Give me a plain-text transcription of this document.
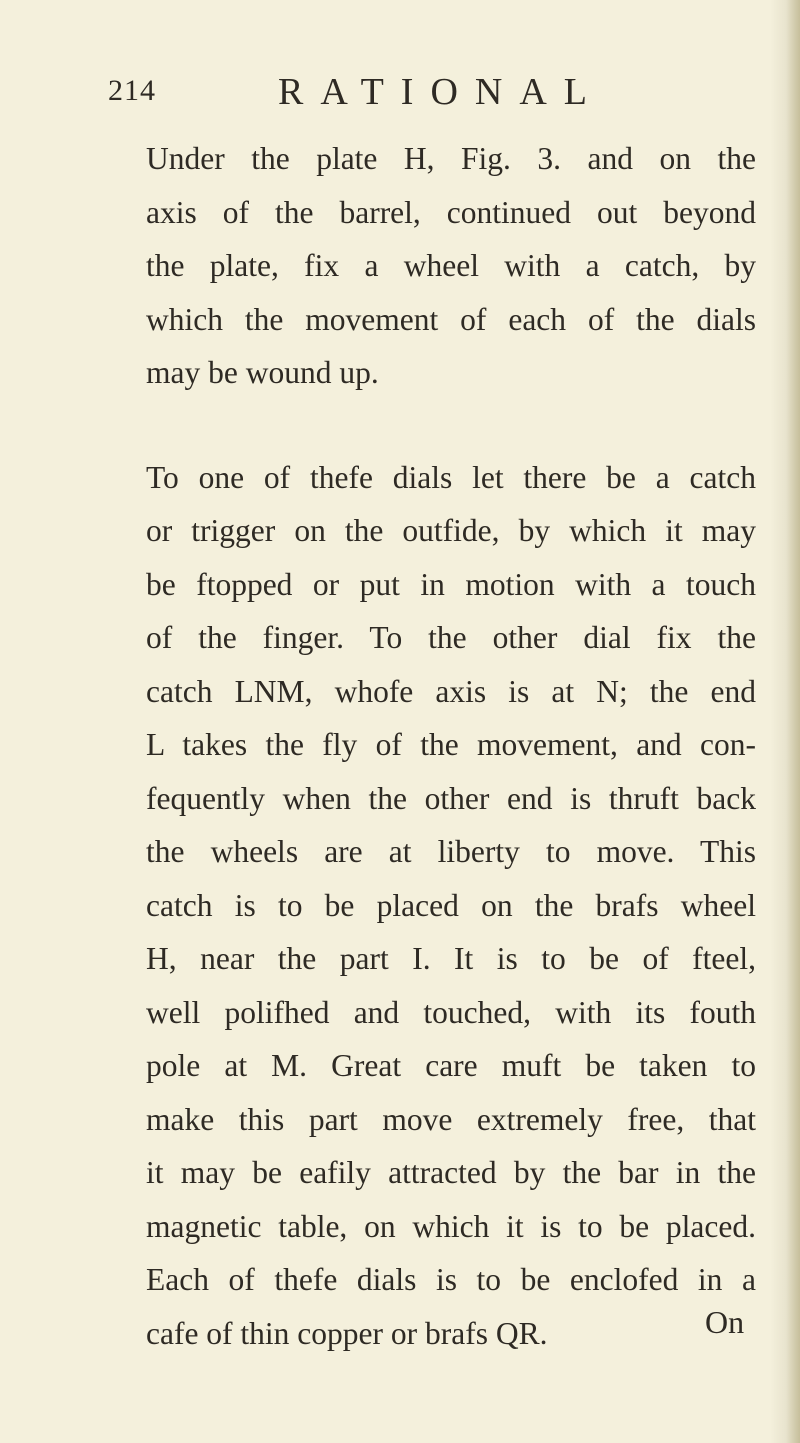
214	RATIONAL

Under the plate H, Fig. 3. and on the
axis of the barrel, continued out beyond
the plate, fix a wheel with a catch, by
which the movement of each of the dials
may be wound up.

To one of thefe dials let there be a catch
or trigger on the outfide, by which it may
be ftopped or put in motion with a touch
of the finger. To the other dial fix the
catch LNM, whofe axis is at N; the end
L takes the fly of the movement, and con-
fequently when the other end is thruft back
the wheels are at liberty to move. This
catch is to be placed on the brafs wheel
H, near the part I. It is to be of fteel,
well polifhed and touched, with its fouth
pole at M. Great care muft be taken to
make this part move extremely free, that
it may be eafily attracted by the bar in the
magnetic table, on which it is to be placed.
Each of thefe dials is to be enclofed in a
cafe of thin copper or brafs QR.	On
